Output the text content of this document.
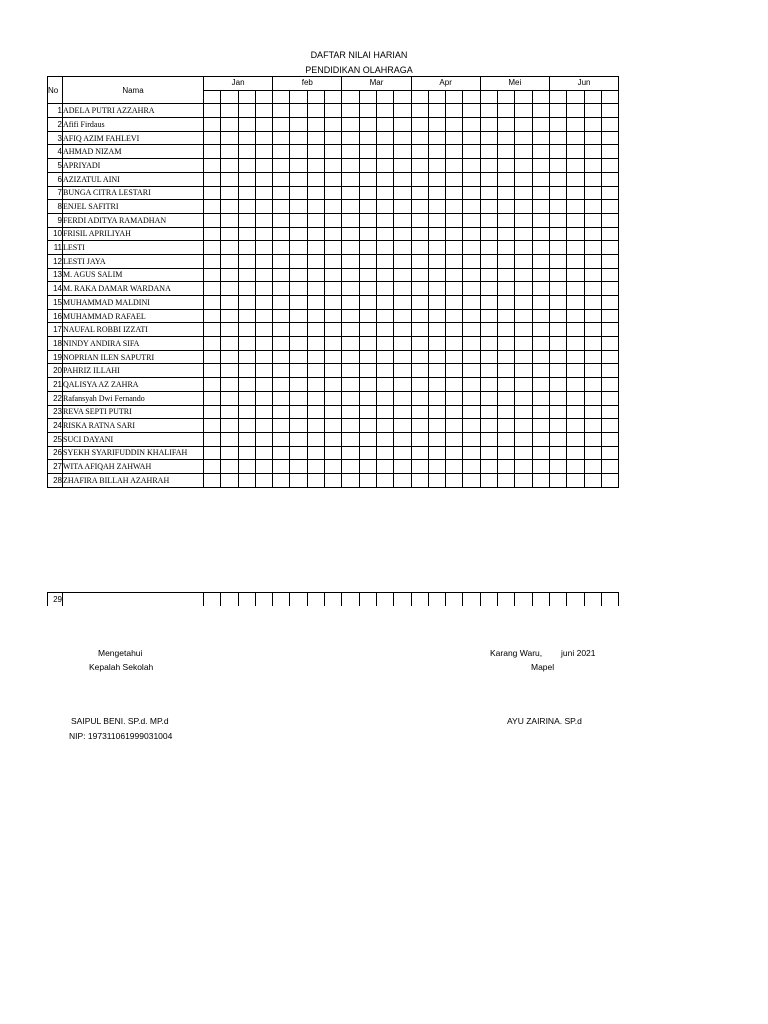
DAFTAR NILAI HARIAN
PENDIDIKAN OLAHRAGA
No	Nama	Jan				feb				Mar				Apr				Mei				Jun			

1	ADELA PUTRI AZZAHRA																								
2	Afifi Firdaus																								
3	AFIQ AZIM FAHLEVI																								
4	AHMAD NIZAM																								
5	APRIYADI																								
6	AZIZATUL AINI																								
7	BUNGA CITRA LESTARI																								
8	ENJEL SAFITRI																								
9	FERDI ADITYA RAMADHAN																								
10	FRISIL APRILIYAH																								
11	LESTI																								
12	LESTI JAYA																								
13	M. AGUS SALIM																								
14	M. RAKA DAMAR WARDANA																								
15	MUHAMMAD MALDINI																								
16	MUHAMMAD RAFAEL																								
17	NAUFAL ROBBI IZZATI																								
18	NINDY ANDIRA SIFA																								
19	NOPRIAN ILEN SAPUTRI																								
20	PAHRIZ ILLAHI																								
21	QALISYA AZ ZAHRA																								
22	Rafansyah Dwi Fernando																								
23	REVA SEPTI PUTRI																								
24	RISKA RATNA SARI																								
25	SUCI DAYANI																								
26	SYEKH SYARIFUDDIN KHALIFAH																								
27	WITA AFIQAH ZAHWAH																								
28	ZHAFIRA BILLAH AZAHRAH																								
29																									
Mengetahui
Kepalah Sekolah
SAIPUL BENI. SP.d. MP.d
NIP: 197311061999031004
Karang Waru, juni 2021
Mapel
AYU ZAIRINA. SP.d
